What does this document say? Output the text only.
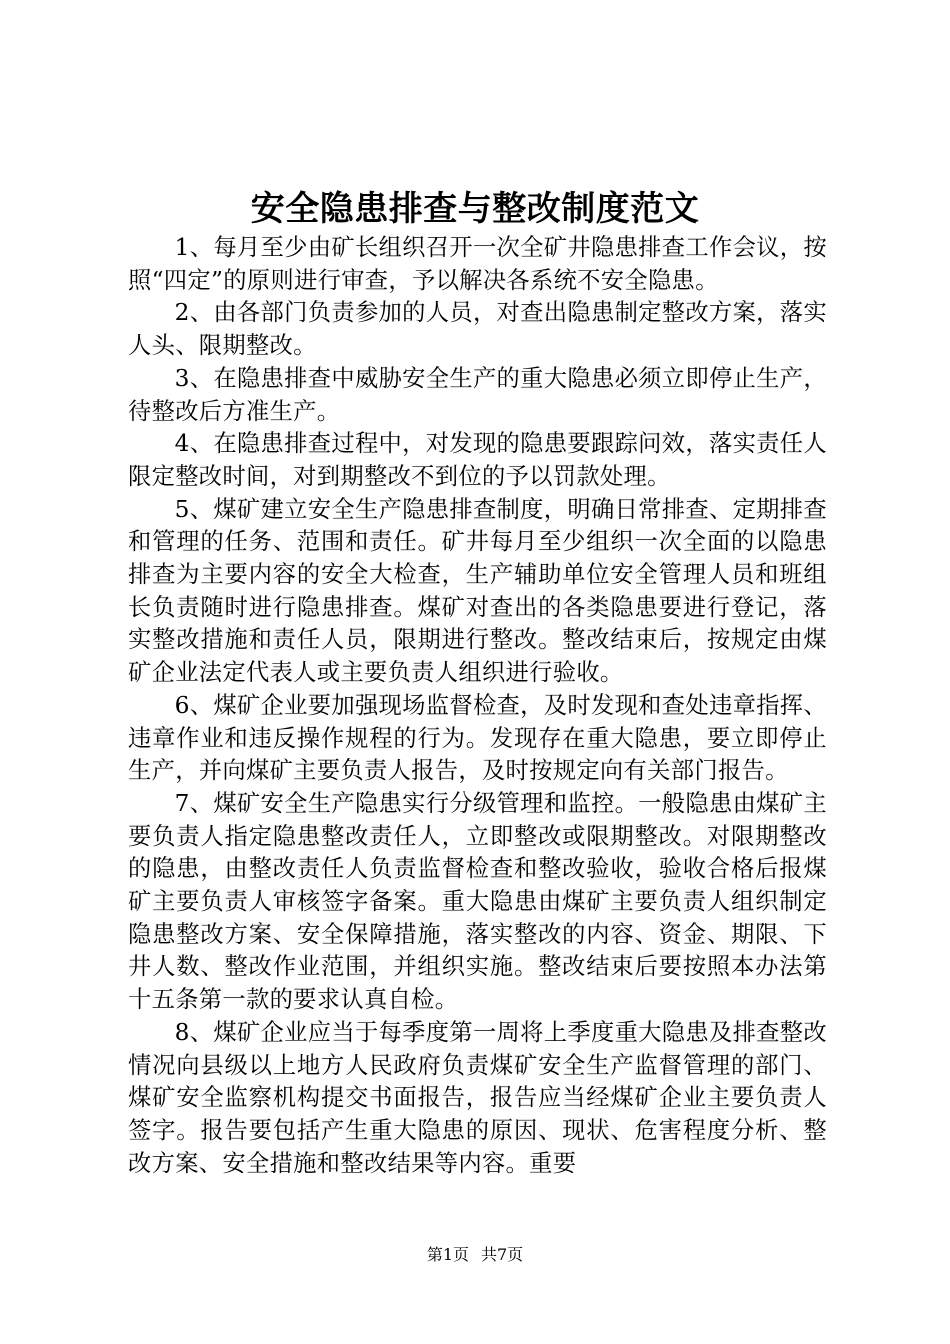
安全隐患排查与整改制度范文

1、每月至少由矿长组织召开一次全矿井隐患排查工作会议，按照“四定”的原则进行审查，予以解决各系统不安全隐患。

2、由各部门负责参加的人员，对查出隐患制定整改方案，落实人头、限期整改。

3、在隐患排查中威胁安全生产的重大隐患必须立即停止生产，待整改后方准生产。

4、在隐患排查过程中，对发现的隐患要跟踪问效，落实责任人限定整改时间，对到期整改不到位的予以罚款处理。

5、煤矿建立安全生产隐患排查制度，明确日常排查、定期排查和管理的任务、范围和责任。矿井每月至少组织一次全面的以隐患排查为主要内容的安全大检查，生产辅助单位安全管理人员和班组长负责随时进行隐患排查。煤矿对查出的各类隐患要进行登记，落实整改措施和责任人员，限期进行整改。整改结束后，按规定由煤矿企业法定代表人或主要负责人组织进行验收。

6、煤矿企业要加强现场监督检查，及时发现和查处违章指挥、违章作业和违反操作规程的行为。发现存在重大隐患，要立即停止生产，并向煤矿主要负责人报告，及时按规定向有关部门报告。

7、煤矿安全生产隐患实行分级管理和监控。一般隐患由煤矿主要负责人指定隐患整改责任人，立即整改或限期整改。对限期整改的隐患，由整改责任人负责监督检查和整改验收，验收合格后报煤矿主要负责人审核签字备案。重大隐患由煤矿主要负责人组织制定隐患整改方案、安全保障措施，落实整改的内容、资金、期限、下井人数、整改作业范围，并组织实施。整改结束后要按照本办法第十五条第一款的要求认真自检。

8、煤矿企业应当于每季度第一周将上季度重大隐患及排查整改情况向县级以上地方人民政府负责煤矿安全生产监督管理的部门、煤矿安全监察机构提交书面报告，报告应当经煤矿企业主要负责人签字。报告要包括产生重大隐患的原因、现状、危害程度分析、整改方案、安全措施和整改结果等内容。重要

第1页 共7页
